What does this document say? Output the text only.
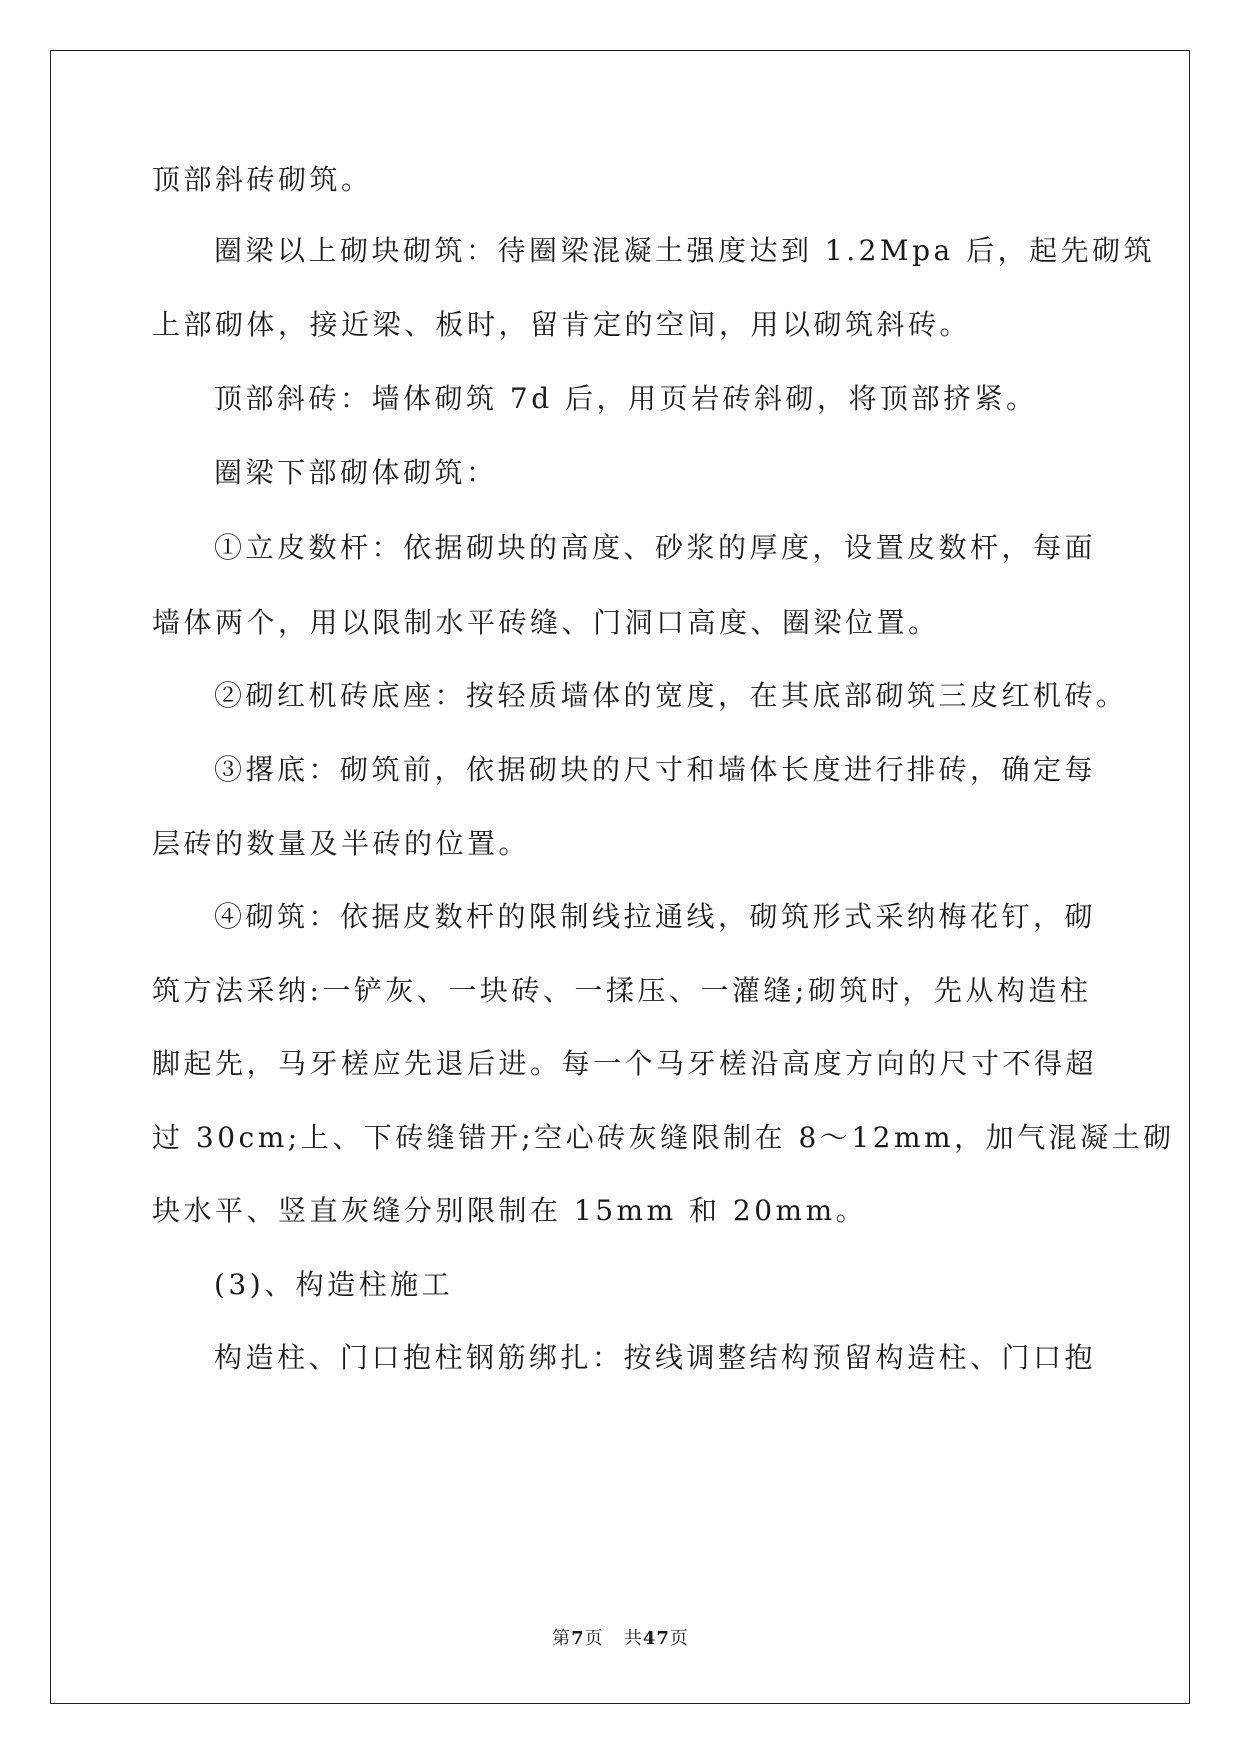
顶部斜砖砌筑。
圈梁以上砌块砌筑：待圈梁混凝土强度达到 1.2Mpa 后，起先砌筑
上部砌体，接近梁、板时，留肯定的空间，用以砌筑斜砖。
顶部斜砖：墙体砌筑 7d 后，用页岩砖斜砌，将顶部挤紧。
圈梁下部砌体砌筑：
①立皮数杆：依据砌块的高度、砂浆的厚度，设置皮数杆，每面
墙体两个，用以限制水平砖缝、门洞口高度、圈梁位置。
②砌红机砖底座：按轻质墙体的宽度，在其底部砌筑三皮红机砖。
③撂底：砌筑前，依据砌块的尺寸和墙体长度进行排砖，确定每
层砖的数量及半砖的位置。
④砌筑：依据皮数杆的限制线拉通线，砌筑形式采纳梅花钉，砌
筑方法采纳:一铲灰、一块砖、一揉压、一灌缝;砌筑时，先从构造柱
脚起先，马牙槎应先退后进。每一个马牙槎沿高度方向的尺寸不得超
过 30cm;上、下砖缝错开;空心砖灰缝限制在 8～12mm，加气混凝土砌
块水平、竖直灰缝分别限制在 15mm 和 20mm。
(3)、构造柱施工
构造柱、门口抱柱钢筋绑扎：按线调整结构预留构造柱、门口抱
第7页 共47页
